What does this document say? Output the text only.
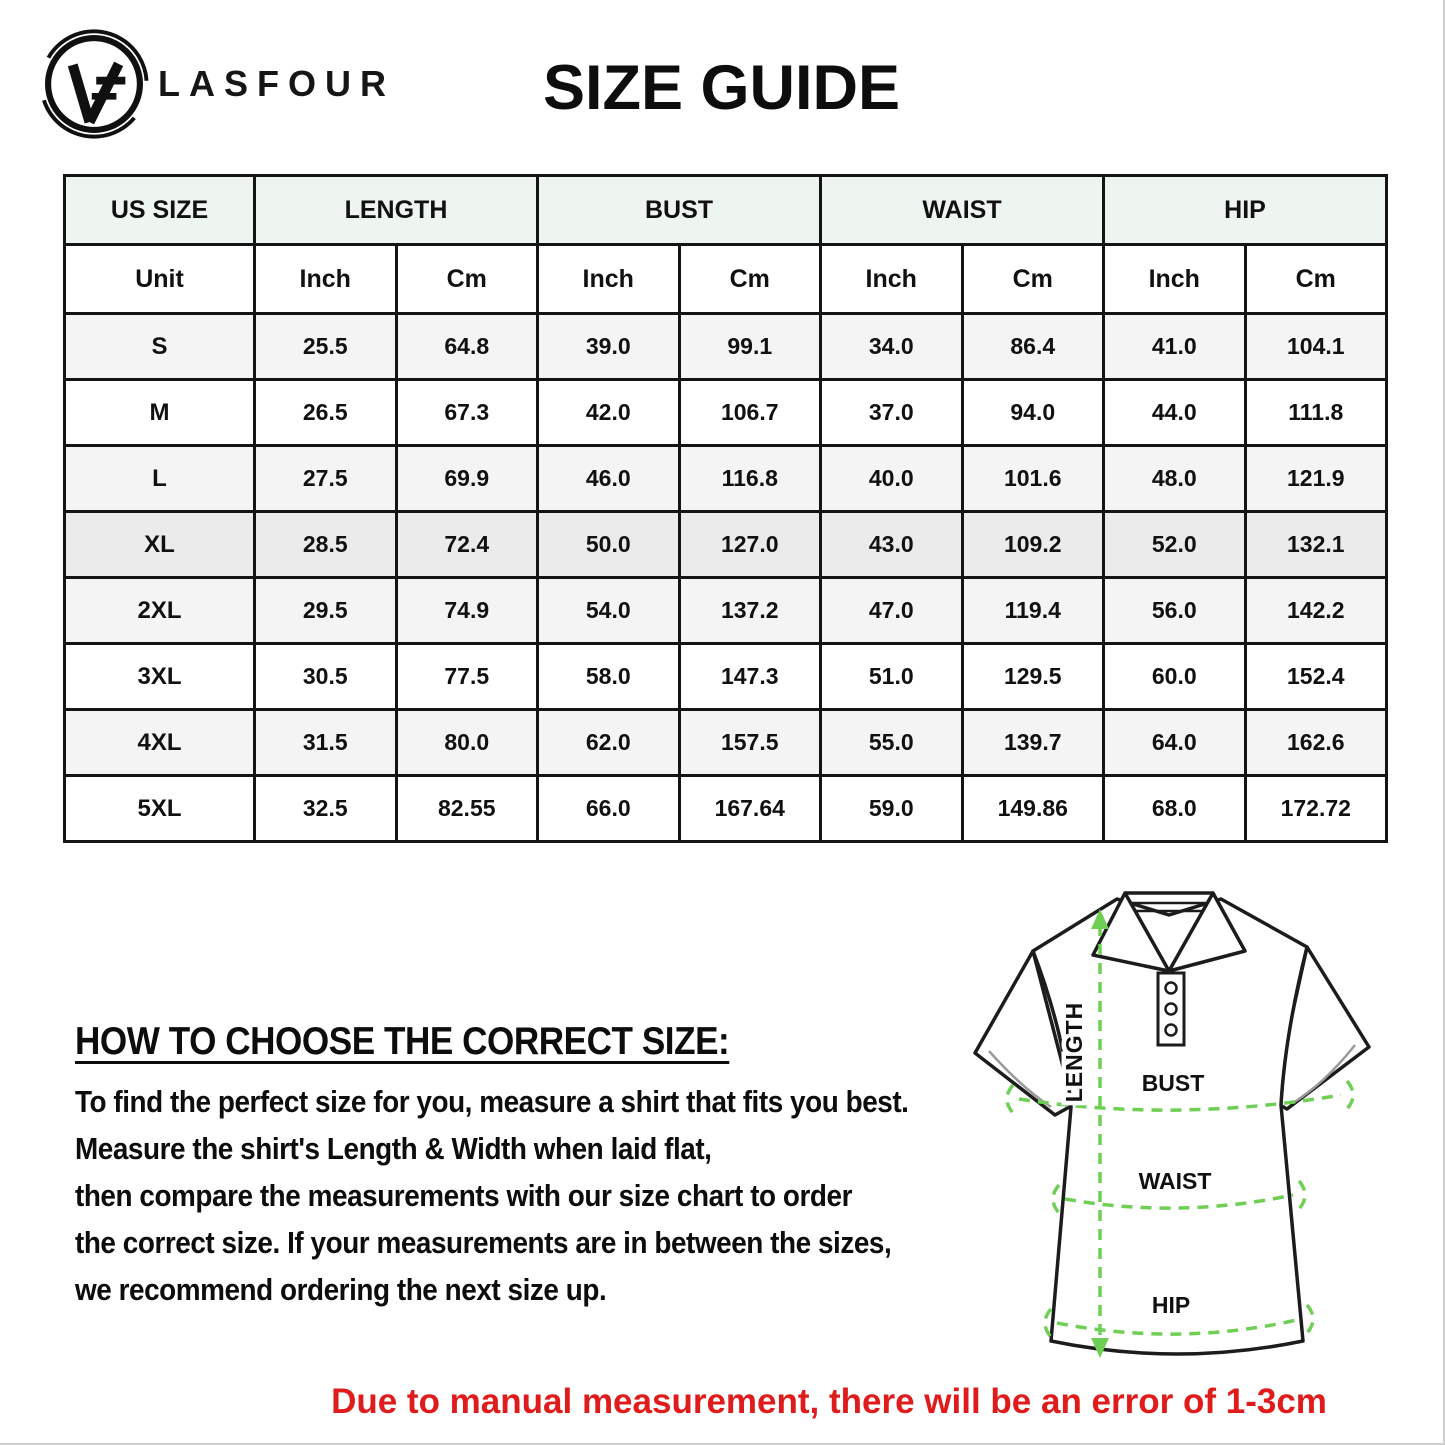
LASFOUR	SIZE GUIDE
US SIZE	LENGTH		BUST		WAIST		HIP	
Unit	Inch	Cm	Inch	Cm	Inch	Cm	Inch	Cm
S	25.5	64.8	39.0	99.1	34.0	86.4	41.0	104.1
M	26.5	67.3	42.0	106.7	37.0	94.0	44.0	111.8
L	27.5	69.9	46.0	116.8	40.0	101.6	48.0	121.9
XL	28.5	72.4	50.0	127.0	43.0	109.2	52.0	132.1
2XL	29.5	74.9	54.0	137.2	47.0	119.4	56.0	142.2
3XL	30.5	77.5	58.0	147.3	51.0	129.5	60.0	152.4
4XL	31.5	80.0	62.0	157.5	55.0	139.7	64.0	162.6
5XL	32.5	82.55	66.0	167.64	59.0	149.86	68.0	172.72
HOW TO CHOOSE THE CORRECT SIZE:
To find the perfect size for you, measure a shirt that fits you best.
Measure the shirt's Length & Width when laid flat,
then compare the measurements with our size chart to order
the correct size. If your measurements are in between the sizes,
we recommend ordering the next size up.
LENGTH BUST
WAIST
HIP
Due to manual measurement, there will be an error of 1-3cm
